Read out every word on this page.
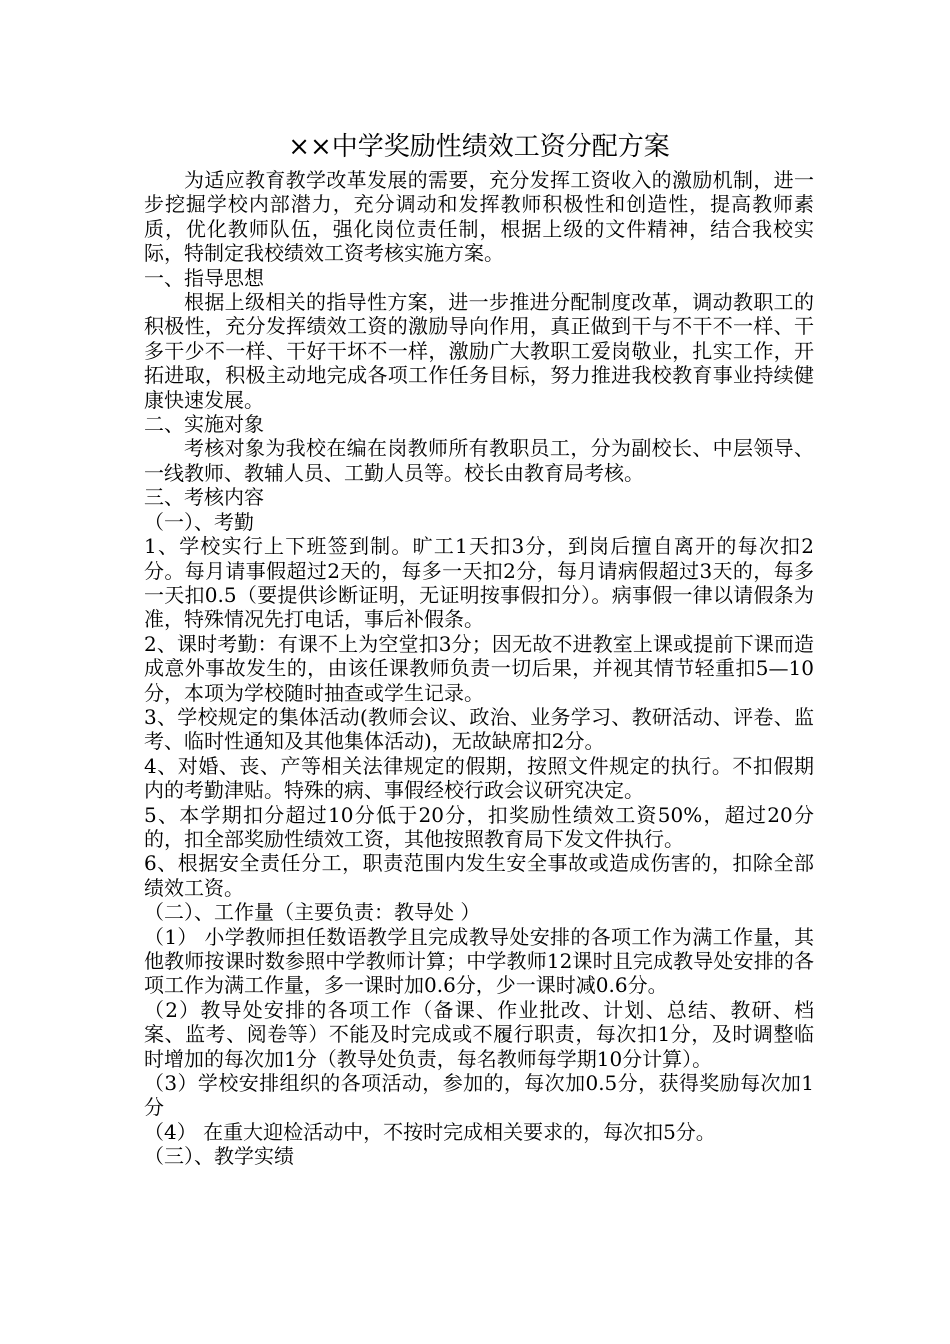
××中学奖励性绩效工资分配方案

为适应教育教学改革发展的需要，充分发挥工资收入的激励机制，进一步挖掘学校内部潜力，充分调动和发挥教师积极性和创造性，提高教师素质，优化教师队伍，强化岗位责任制，根据上级的文件精神，结合我校实际，特制定我校绩效工资考核实施方案。

一、指导思想

根据上级相关的指导性方案，进一步推进分配制度改革，调动教职工的积极性，充分发挥绩效工资的激励导向作用，真正做到干与不干不一样、干多干少不一样、干好干坏不一样，激励广大教职工爱岗敬业，扎实工作，开拓进取，积极主动地完成各项工作任务目标，努力推进我校教育事业持续健康快速发展。

二、实施对象

考核对象为我校在编在岗教师所有教职员工，分为副校长、中层领导、一线教师、教辅人员、工勤人员等。校长由教育局考核。

三、考核内容

（一）、考勤

1、学校实行上下班签到制。旷工1天扣3分，到岗后擅自离开的每次扣2分。每月请事假超过2天的，每多一天扣2分，每月请病假超过3天的，每多一天扣0.5（要提供诊断证明，无证明按事假扣分）。病事假一律以请假条为准，特殊情况先打电话，事后补假条。

2、课时考勤：有课不上为空堂扣3分；因无故不进教室上课或提前下课而造成意外事故发生的，由该任课教师负责一切后果，并视其情节轻重扣5—10分，本项为学校随时抽查或学生记录。

3、学校规定的集体活动(教师会议、政治、业务学习、教研活动、评卷、监考、临时性通知及其他集体活动)，无故缺席扣2分。

4、对婚、丧、产等相关法律规定的假期，按照文件规定的执行。不扣假期内的考勤津贴。特殊的病、事假经校行政会议研究决定。

5、本学期扣分超过10分低于20分，扣奖励性绩效工资50%，超过20分的，扣全部奖励性绩效工资，其他按照教育局下发文件执行。

6、根据安全责任分工，职责范围内发生安全事故或造成伤害的，扣除全部绩效工资。

（二）、工作量（主要负责：教导处 ）

（1） 小学教师担任数语教学且完成教导处安排的各项工作为满工作量，其他教师按课时数参照中学教师计算；中学教师12课时且完成教导处安排的各项工作为满工作量，多一课时加0.6分，少一课时减0.6分。

（2）教导处安排的各项工作（备课、作业批改、计划、总结、教研、档案、监考、阅卷等）不能及时完成或不履行职责，每次扣1分，及时调整临时增加的每次加1分（教导处负责，每名教师每学期10分计算）。

（3）学校安排组织的各项活动，参加的，每次加0.5分，获得奖励每次加1分

（4） 在重大迎检活动中，不按时完成相关要求的，每次扣5分。

（三）、教学实绩
